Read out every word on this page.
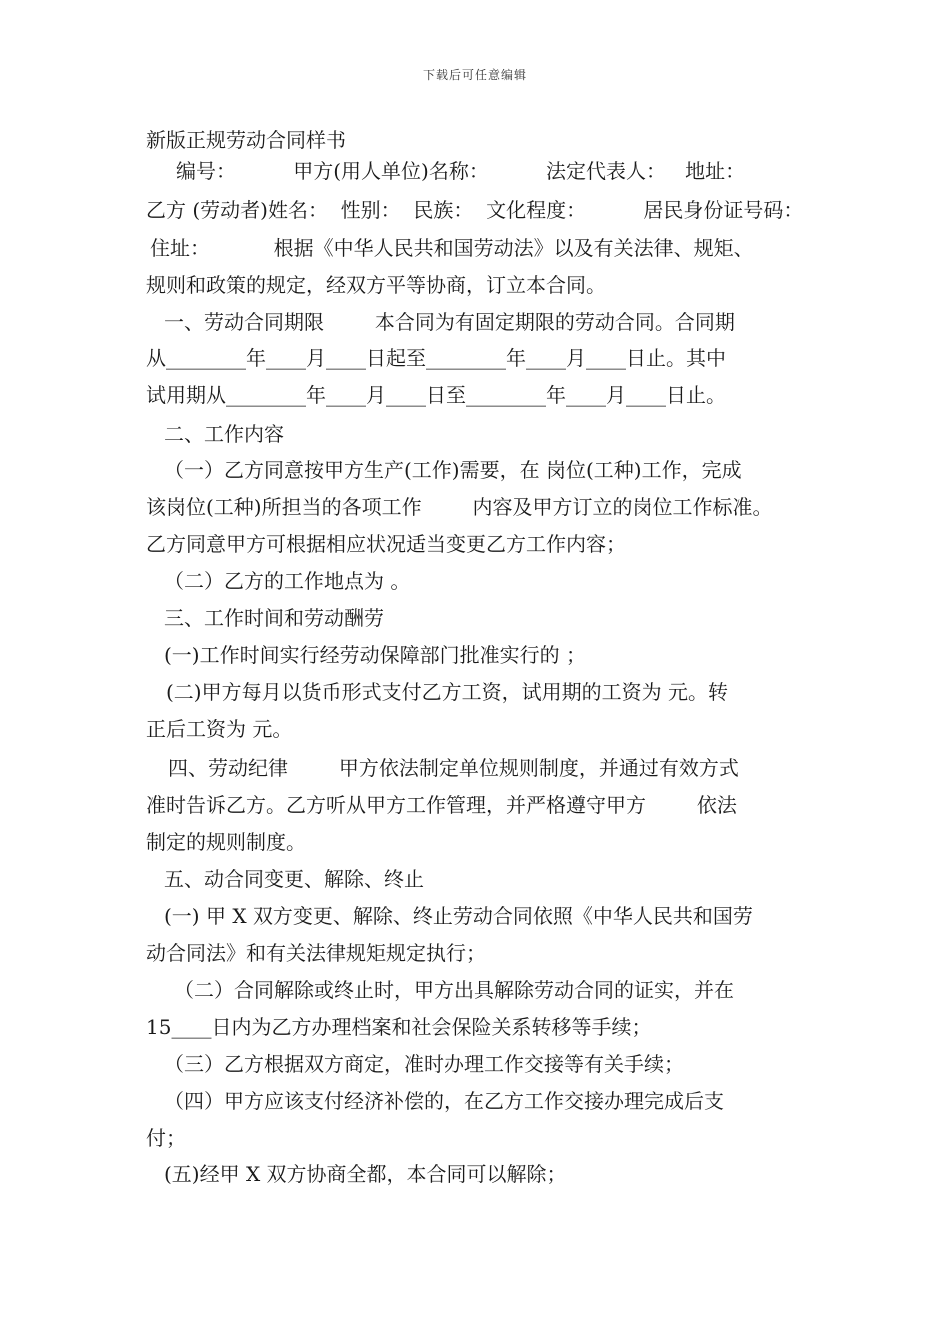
下载后可任意编辑
新版正规劳动合同样书
编号：         甲方(用人单位)名称：         法定代表人：   地址：
乙方 (劳动者)姓名：  性别：  民族：  文化程度：         居民身份证号码：
住址：          根据《中华人民共和国劳动法》以及有关法律、规矩、
规则和政策的规定，经双方平等协商，订立本合同。
一、劳动合同期限        本合同为有固定期限的劳动合同。合同期
从________年____月____日起至________年____月____日止。其中
试用期从________年____月____日至________年____月____日止。
二、工作内容
（一）乙方同意按甲方生产(工作)需要，在 岗位(工种)工作，完成
该岗位(工种)所担当的各项工作        内容及甲方订立的岗位工作标准。
乙方同意甲方可根据相应状况适当变更乙方工作内容；
（二）乙方的工作地点为 。
三、工作时间和劳动酬劳
(一)工作时间实行经劳动保障部门批准实行的 ；
(二)甲方每月以货币形式支付乙方工资，试用期的工资为 元。转
正后工资为 元。
四、劳动纪律        甲方依法制定单位规则制度，并通过有效方式
准时告诉乙方。乙方听从甲方工作管理，并严格遵守甲方        依法
制定的规则制度。
五、动合同变更、解除、终止
(一) 甲 X 双方变更、解除、终止劳动合同依照《中华人民共和国劳
动合同法》和有关法律规矩规定执行；
（二）合同解除或终止时，甲方出具解除劳动合同的证实，并在
15____日内为乙方办理档案和社会保险关系转移等手续；
（三）乙方根据双方商定，准时办理工作交接等有关手续；
（四）甲方应该支付经济补偿的，在乙方工作交接办理完成后支
付；
(五)经甲 X 双方协商全都，本合同可以解除；
